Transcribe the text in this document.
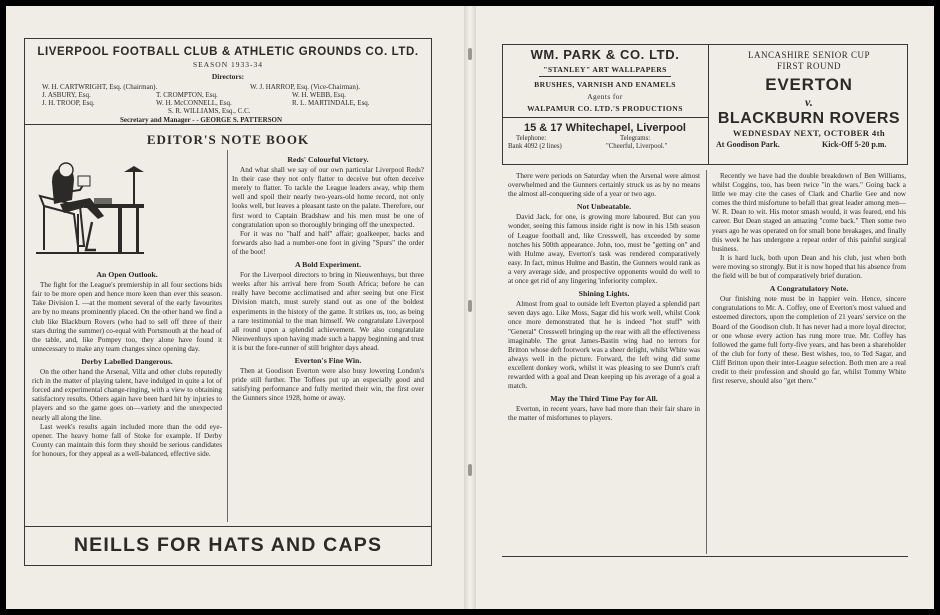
LIVERPOOL FOOTBALL CLUB & ATHLETIC GROUNDS CO. LTD.
SEASON 1933-34
Directors:
W. H. CARTWRIGHT, Esq. (Chairman).	W. J. HARROP, Esq. (Vice-Chairman).
J. ASBURY, Esq.	T. CROMPTON, Esq.	W. H. WEBB, Esq.
J. H. TROOP, Esq.	W. H. McCONNELL, Esq.	R. L. MARTINDALE, Esq.
S. R. WILLIAMS, Esq., C.C.
Secretary and Manager - - GEORGE S. PATTERSON
EDITOR'S NOTE BOOK
An Open Outlook.

The fight for the League's premiership in all four sections bids fair to be more open and hence more keen than ever this season. Take Division I. —at the moment several of the early favourites are by no means prominently placed. On the other hand we find a club like Blackburn Rovers (who had to sell off three of their stars during the summer) co-equal with Portsmouth at the head of the table, and, like Pompey too, they alone have found it unnecessary to make any team changes since opening day.

Derby Labelled Dangerous.

On the other hand the Arsenal, Villa and other clubs reputedly rich in the matter of playing talent, have indulged in quite a lot of forced and experimental change-ringing, with a view to obtaining satisfactory results. Others again have been hard hit by injuries to players and so the game goes on—variety and the unexpected nearly all along the line.

Last week's results again included more than the odd eye-opener. The heavy home fall of Stoke for example. If Derby County can maintain this form they should be serious candidates for honours, for they appeal as a well-balanced, effective side.

Reds' Colourful Victory.

And what shall we say of our own particular Liverpool Reds? In their case they not only flatter to deceive but often deceive merely to flatter. To tackle the League leaders away, whip them well and spoil their nearly two-years-old home record, not only looks well, but leaves a pleasant taste on the palate. Therefore, our first word to Captain Bradshaw and his men must be one of congratulation upon so thoroughly bringing off the unexpected.

For it was no "half and half" affair; goalkeeper, backs and forwards also had a number-one foot in giving "Spurs" the order of the boot!

A Bold Experiment.

For the Liverpool directors to bring in Nieuwenhuys, but three weeks after his arrival here from South Africa; before he can really have become acclimatised and after seeing but one First Division match, must surely stand out as one of the boldest experiments in the history of the game. It strikes us, too, as being a rare testimonial to the man himself. We congratulate Liverpool all round upon a splendid achievement. We also congratulate Nieuwenhuys upon having made such a happy beginning and trust it is but the fore-runner of still brighter days ahead.

Everton's Fine Win.

Then at Goodison Everton were also busy lowering London's pride still further. The Toffees put up an especially good and satisfying performance and fully merited their win, the first over the Gunners since 1928, home or away.

NEILLS FOR HATS AND CAPS
WM. PARK & CO. LTD.
"STANLEY" ART WALLPAPERS
BRUSHES, VARNISH AND ENAMELS
Agents for
WALPAMUR CO. LTD.'S PRODUCTIONS
15 & 17 Whitechapel, Liverpool
Telephone:	Telegrams:
Bank 4092 (2 lines)	"Cheerful, Liverpool."
LANCASHIRE SENIOR CUP
FIRST ROUND
EVERTON
v.
BLACKBURN ROVERS
WEDNESDAY NEXT, OCTOBER 4th
At Goodison Park.	Kick-Off 5-20 p.m.

There were periods on Saturday when the Arsenal were almost overwhelmed and the Gunners certainly struck us as by no means the almost all-conquering side of a year or two ago.

Not Unbeatable.

David Jack, for one, is growing more laboured. But can you wonder, seeing this famous inside right is now in his 15th season of League football and, like Cresswell, has exceeded by some notches his 500th appearance. John, too, must be "getting on" and with Hulme away, Everton's task was rendered comparatively easy. In fact, minus Hulme and Bastin, the Gunners would rank as a very average side, and prospective opponents would do well to at once get rid of any lingering 'inferiority complex.

Shining Lights.

Almost from goal to outside left Everton played a splendid part seven days ago. Like Moss, Sagar did his work well, whilst Cook once more demonstrated that he is indeed "hot stuff" with "General" Cresswell bringing up the rear with all the effectiveness imaginable. The great James-Bastin wing had no terrors for Britton whose deft footwork was a sheer delight, whilst White was always well in the picture. Forward, the left wing did some excellent donkey work, whilst it was pleasing to see Dunn's craft rewarded with a goal and Dean keeping up his average of a goal a match.

May the Third Time Pay for All.

Everton, in recent years, have had more than their fair share in the matter of misfortunes to players.

Recently we have had the double breakdown of Ben Williams, whilst Coggins, too, has been twice "in the wars." Going back a little we may cite the cases of Clark and Charlie Gee and now comes the third misfortune to befall that great leader among men—W. R. Dean to wit. His motor smash would, it was feared, end his career. But Dean staged an amazing "come back." Then some two years ago he was operated on for small bone breakages, and finally this week he has undergone a repeat order of this painful surgical business.

It is hard luck, both upon Dean and his club, just when both were moving so strongly. But it is now hoped that his absence from the field will be but of comparatively brief duration.

A Congratulatory Note.

Our finishing note must be in happier vein. Hence, sincere congratulations to Mr. A. Coffey, one of Everton's most valued and esteemed directors, upon the completion of 21 years' service on the Board of the Goodison club. It has never had a more loyal director, or one whose every action has rung more true. Mr. Coffey has followed the game full forty-five years, and has been a shareholder of the club for forty of these. Best wishes, too, to Ted Sagar, and Cliff Britton upon their inter-League selection. Both men are a real credit to their profession and should go far, whilst Tommy White first reserve, should also "get there."
